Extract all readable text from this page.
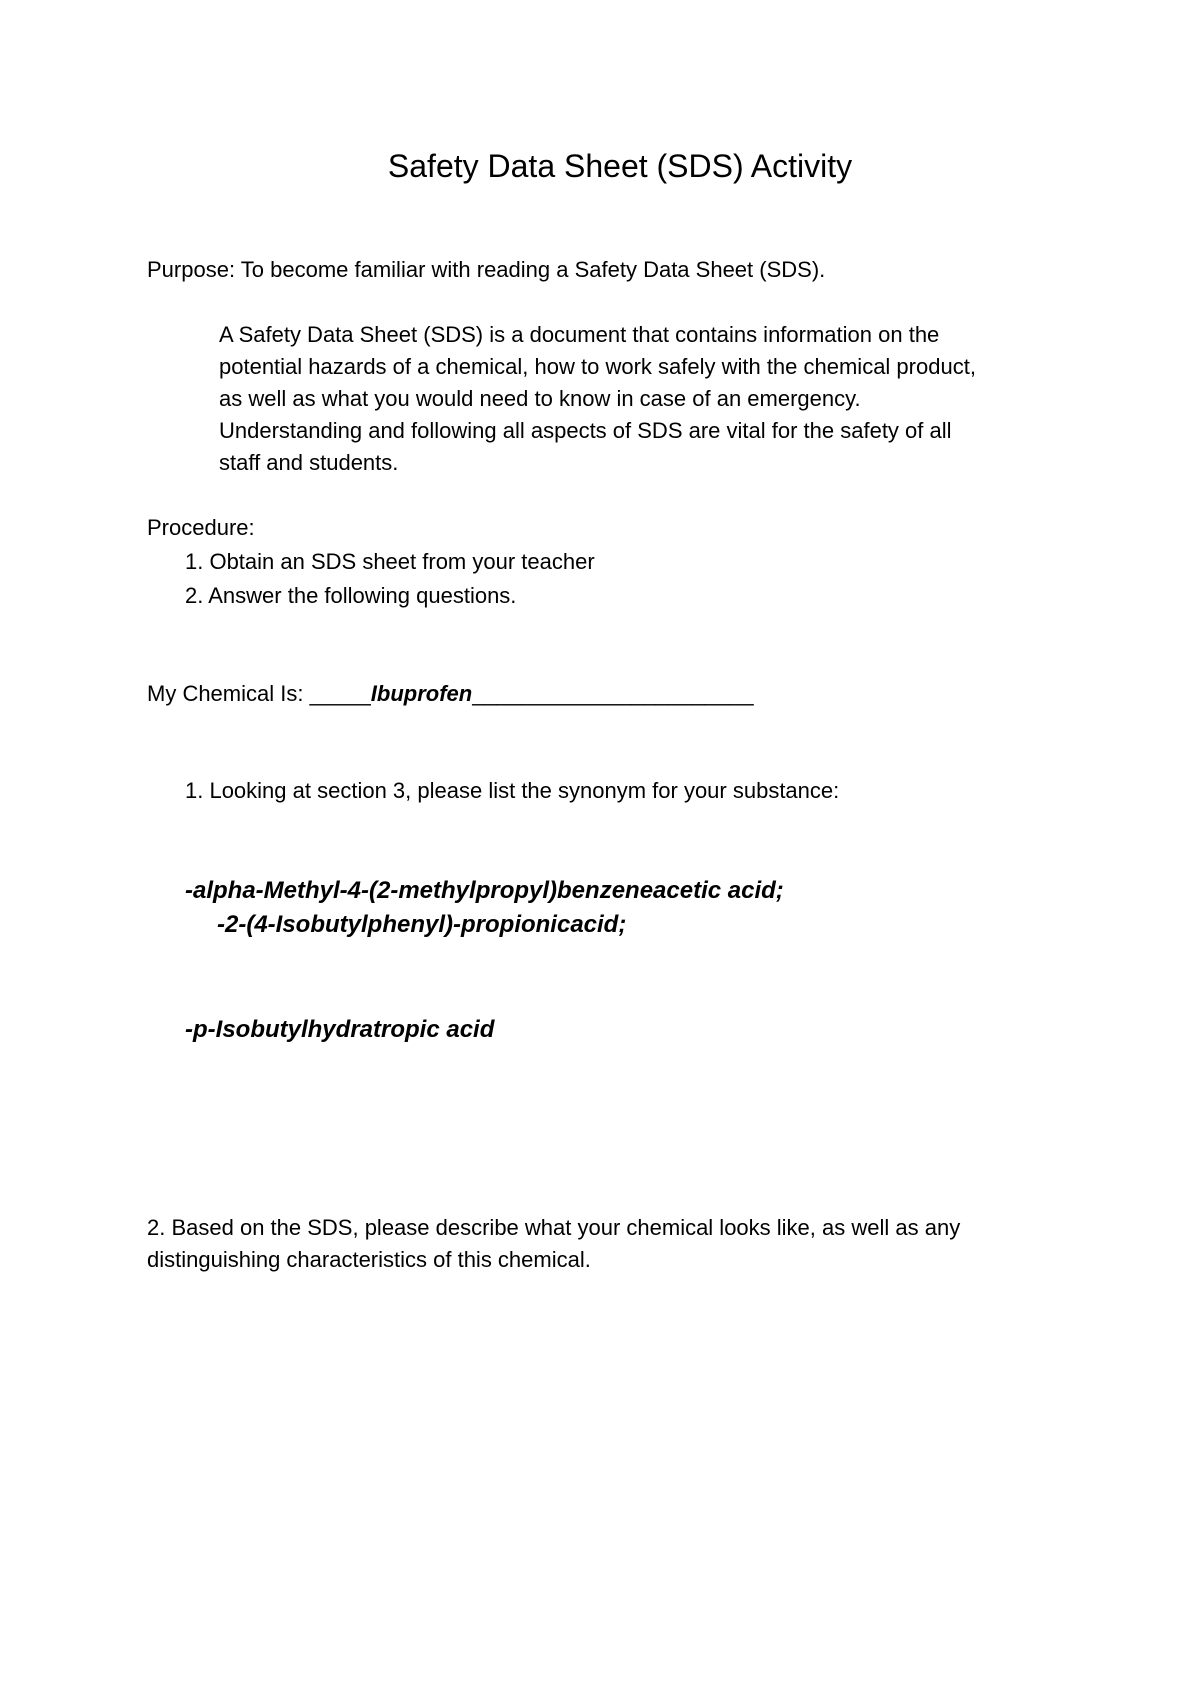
Safety Data Sheet (SDS) Activity
Purpose: To become familiar with reading a Safety Data Sheet (SDS).
A Safety Data Sheet (SDS) is a document that contains information on the
potential hazards of a chemical, how to work safely with the chemical product,
as well as what you would need to know in case of an emergency.
Understanding and following all aspects of SDS are vital for the safety of all
staff and students.
Procedure:
1. Obtain an SDS sheet from your teacher
2. Answer the following questions.
My Chemical Is: _____Ibuprofen_______________________
1. Looking at section 3, please list the synonym for your substance:
-alpha-Methyl-4-(2-methylpropyl)benzeneacetic acid;
-2-(4-Isobutylphenyl)-propionicacid;
-p-Isobutylhydratropic acid
2. Based on the SDS, please describe what your chemical looks like, as well as any
distinguishing characteristics of this chemical.
